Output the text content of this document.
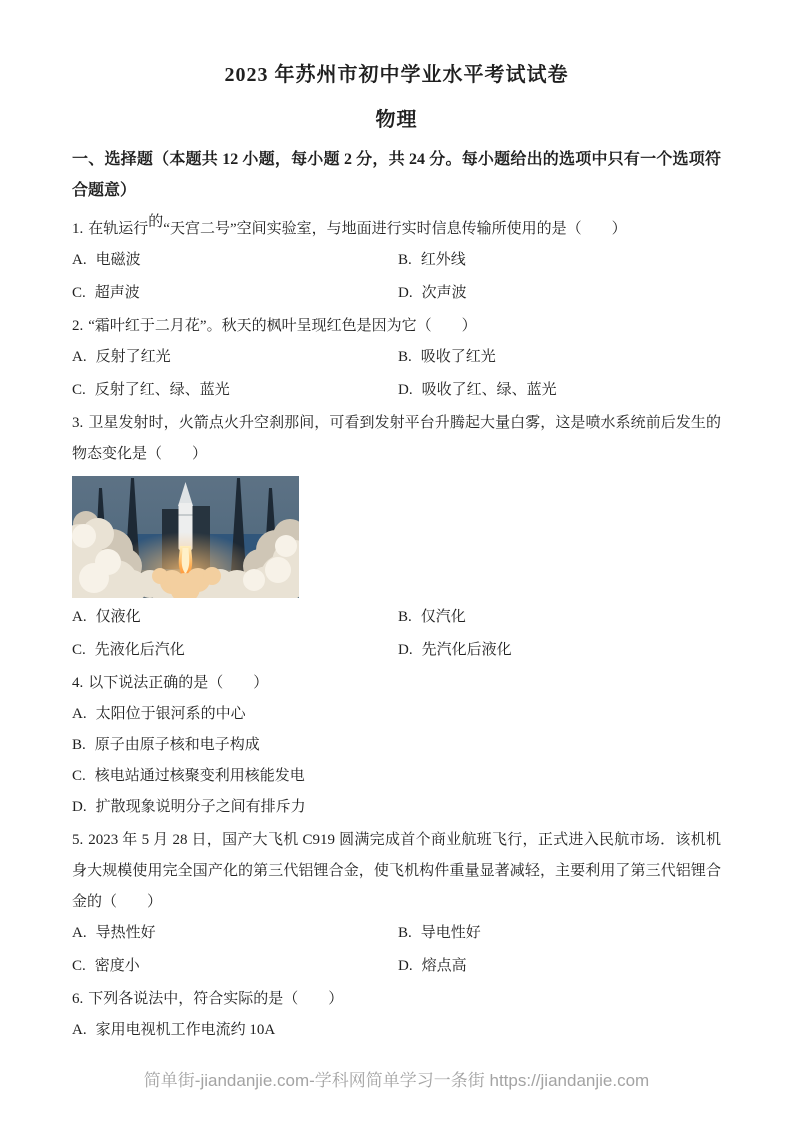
2023 年苏州市初中学业水平考试试卷
物理

一、选择题（本题共 12 小题，每小题 2 分，共 24 分。每小题给出的选项中只有一个选项符合题意）

1. 在轨运行的“天宫二号”空间实验室，与地面进行实时信息传输所使用的是（　　）

A. 电磁波	B. 红外线
C. 超声波	D. 次声波

2. “霜叶红于二月花”。秋天的枫叶呈现红色是因为它（　　）

A. 反射了红光	B. 吸收了红光
C. 反射了红、绿、蓝光	D. 吸收了红、绿、蓝光

3. 卫星发射时，火箭点火升空刹那间，可看到发射平台升腾起大量白雾，这是喷水系统前后发生的物态变化是（　　）

A. 仅液化	B. 仅汽化
C. 先液化后汽化	D. 先汽化后液化

4. 以下说法正确的是（　　）

A. 太阳位于银河系的中心
B. 原子由原子核和电子构成
C. 核电站通过核聚变利用核能发电
D. 扩散现象说明分子之间有排斥力

5. 2023 年 5 月 28 日，国产大飞机 C919 圆满完成首个商业航班飞行，正式进入民航市场．该机机身大规模使用完全国产化的第三代铝锂合金，使飞机构件重量显著减轻，主要利用了第三代铝锂合金的（　　）

A. 导热性好	B. 导电性好
C. 密度小	D. 熔点高

6. 下列各说法中，符合实际的是（　　）

A. 家用电视机工作电流约 10A
简单街-jiandanjie.com-学科网简单学习一条街 https://jiandanjie.com
